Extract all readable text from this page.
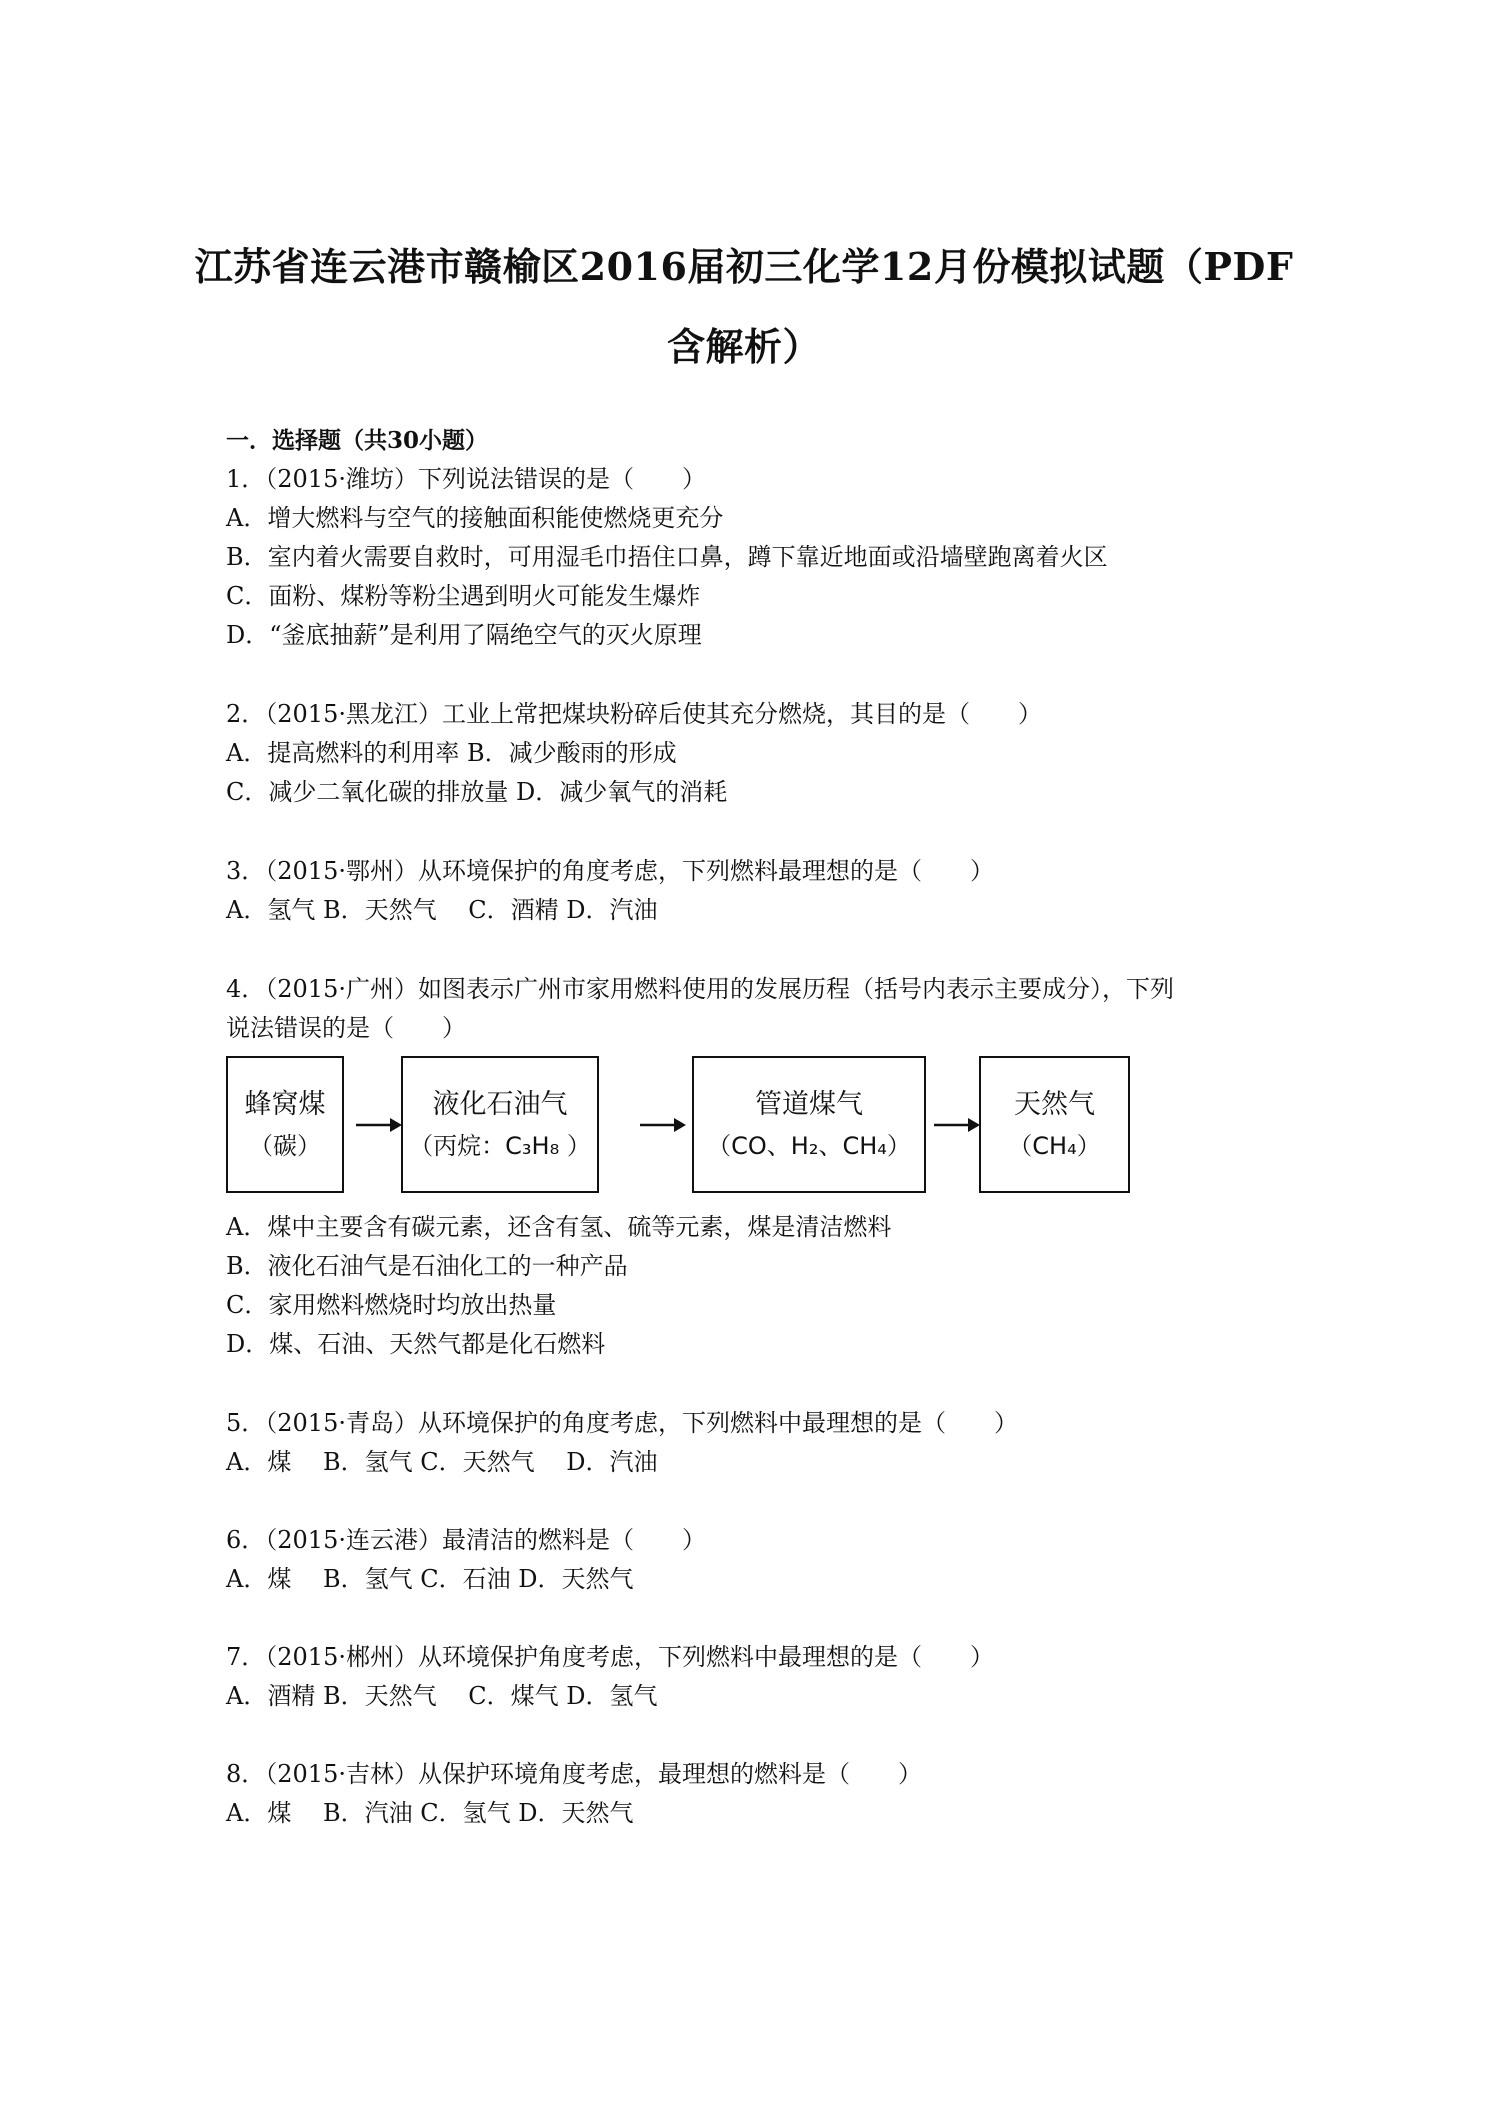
江苏省连云港市赣榆区2016届初三化学12月份模拟试题（PDF
含解析）
一．选择题（共30小题）
1．（2015·潍坊）下列说法错误的是（　　）
A．增大燃料与空气的接触面积能使燃烧更充分
B．室内着火需要自救时，可用湿毛巾捂住口鼻，蹲下靠近地面或沿墙壁跑离着火区
C．面粉、煤粉等粉尘遇到明火可能发生爆炸
D．“釜底抽薪”是利用了隔绝空气的灭火原理
2．（2015·黑龙江）工业上常把煤块粉碎后使其充分燃烧，其目的是（　　）
A．提高燃料的利用率 B．减少酸雨的形成
C．减少二氧化碳的排放量 D．减少氧气的消耗
3．（2015·鄂州）从环境保护的角度考虑，下列燃料最理想的是（　　）
A．氢气 B．天然气　 C．酒精 D．汽油
4．（2015·广州）如图表示广州市家用燃料使用的发展历程（括号内表示主要成分），下列
说法错误的是（　　）
蜂窝煤
（碳）
液化石油气
（丙烷：C₃H₈ ）
管道煤气
（CO、H₂、CH₄）
天然气
（CH₄）
A．煤中主要含有碳元素，还含有氢、硫等元素，煤是清洁燃料
B．液化石油气是石油化工的一种产品
C．家用燃料燃烧时均放出热量
D．煤、石油、天然气都是化石燃料
5．（2015·青岛）从环境保护的角度考虑，下列燃料中最理想的是（　　）
A．煤　 B．氢气 C．天然气　 D．汽油
6．（2015·连云港）最清洁的燃料是（　　）
A．煤　 B．氢气 C．石油 D．天然气
7．（2015·郴州）从环境保护角度考虑，下列燃料中最理想的是（　　）
A．酒精 B．天然气　 C．煤气 D．氢气
8．（2015·吉林）从保护环境角度考虑，最理想的燃料是（　　）
A．煤　 B．汽油 C．氢气 D．天然气
